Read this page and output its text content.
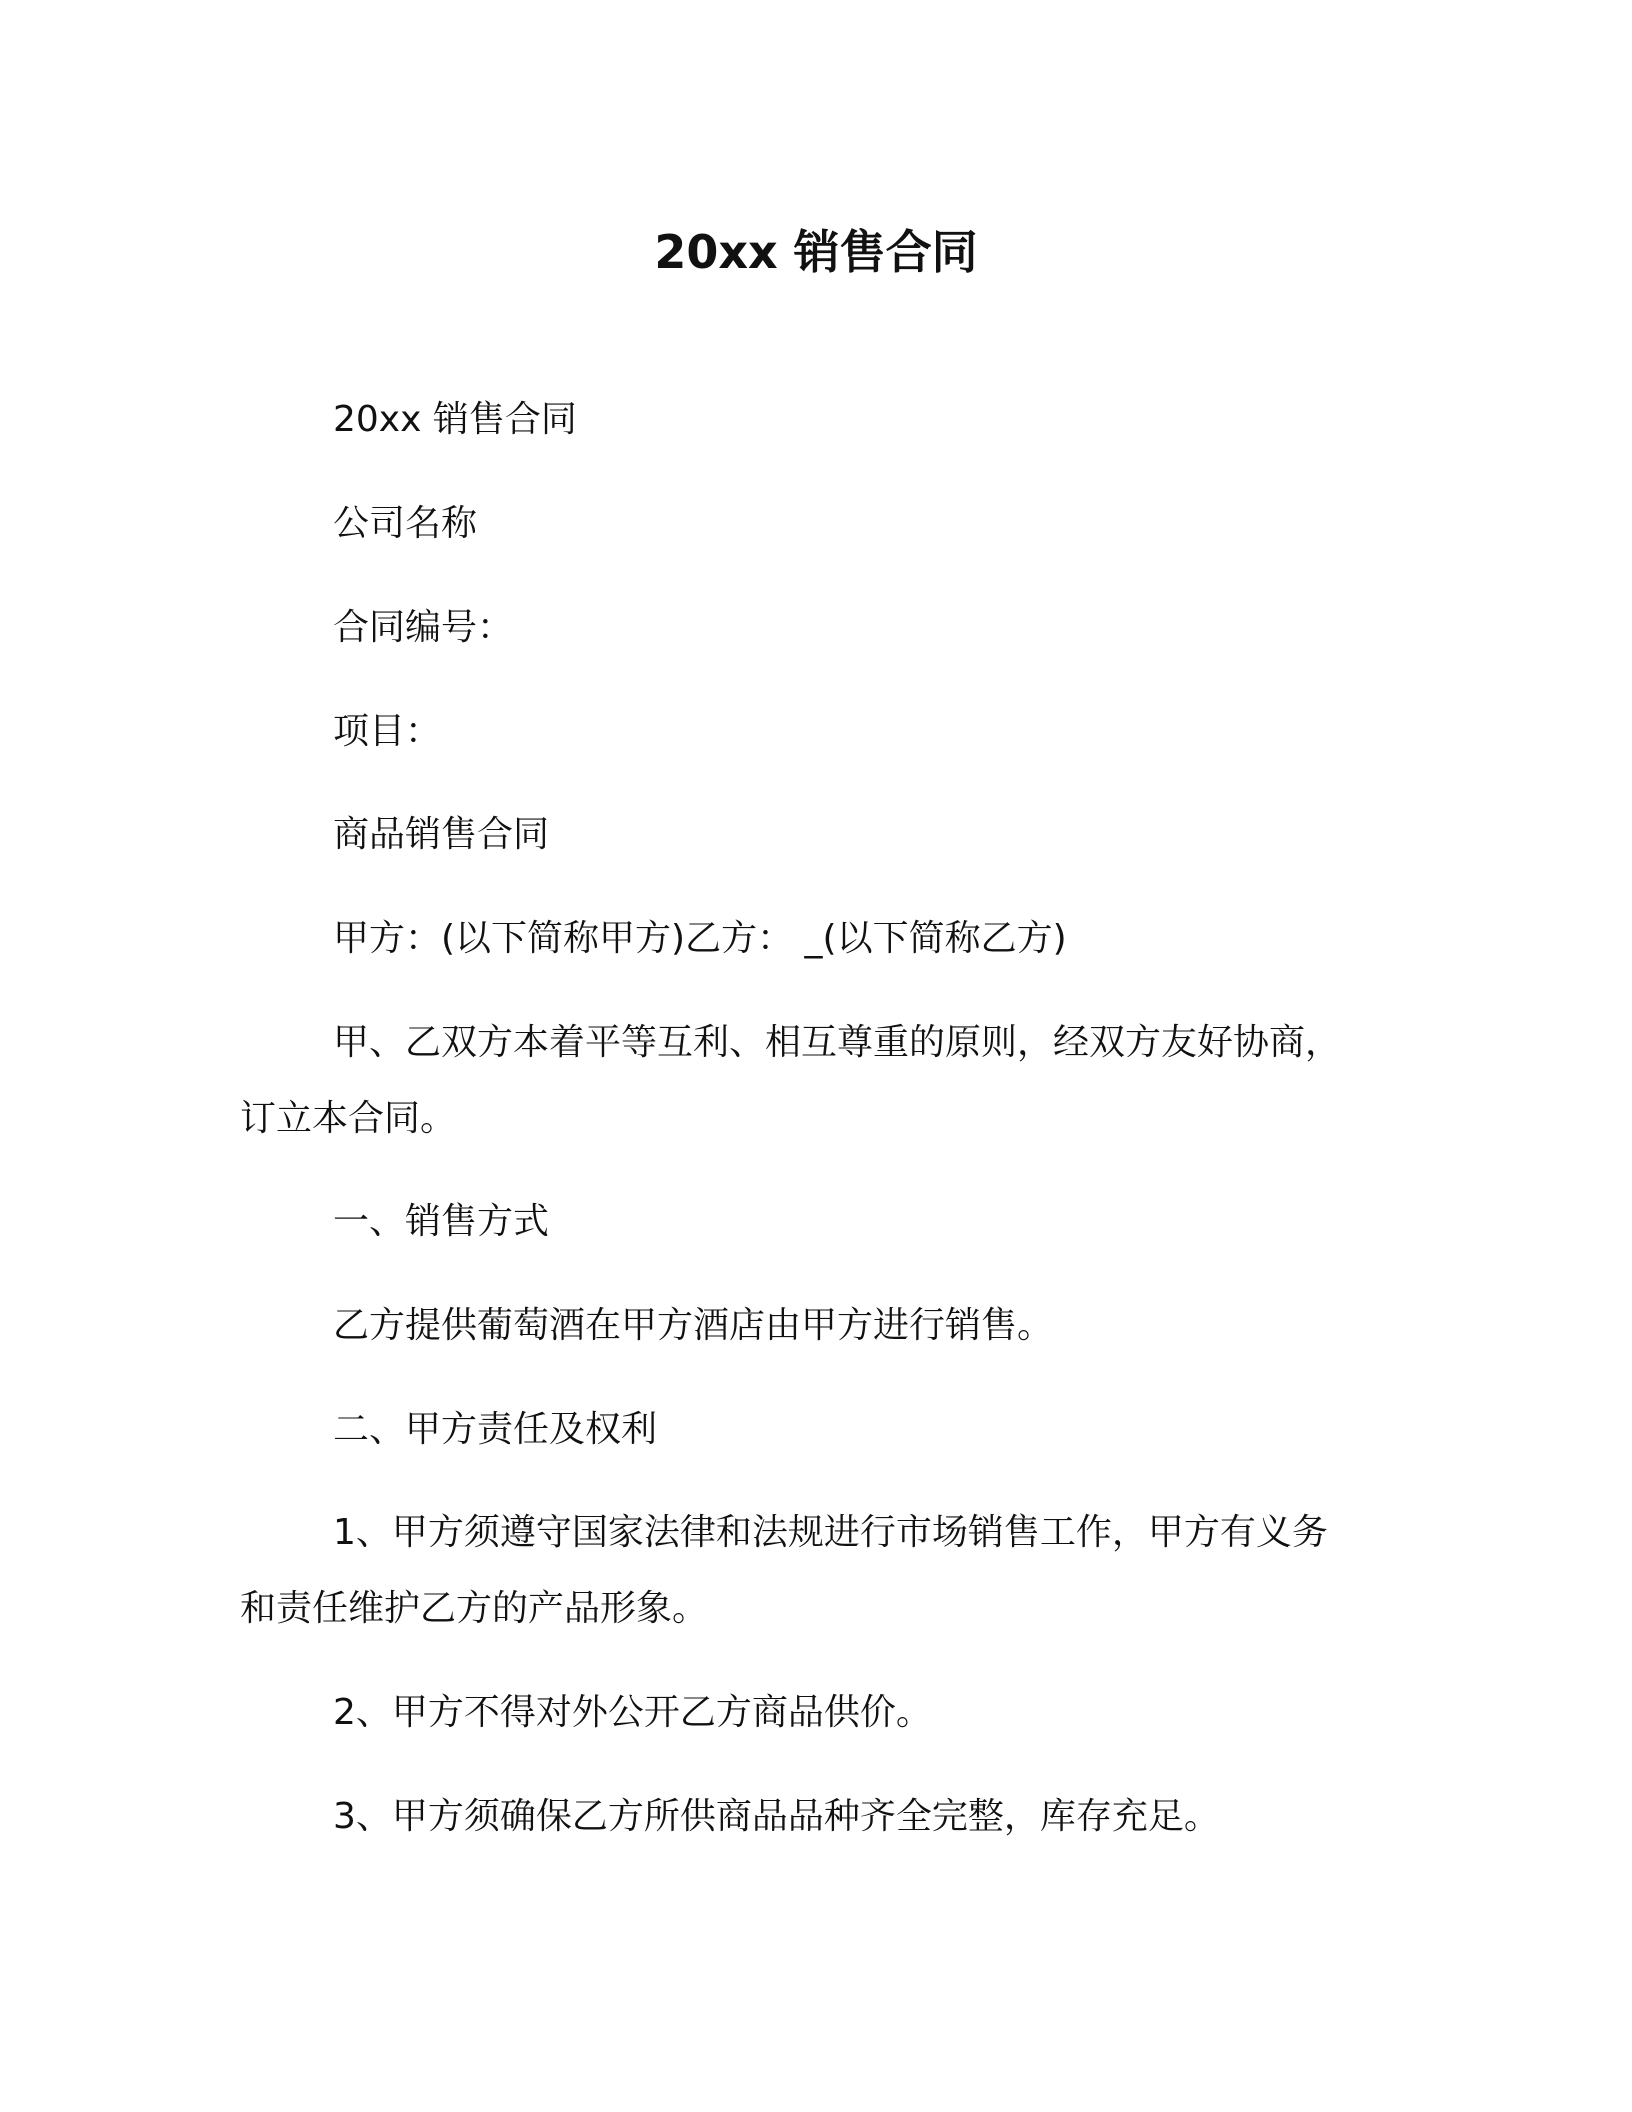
20xx 销售合同
20xx 销售合同
公司名称
合同编号：
项目：
商品销售合同
甲方：(以下简称甲方)乙方： _(以下简称乙方)
甲、乙双方本着平等互利、相互尊重的原则，经双方友好协商，
订立本合同。
一、销售方式
乙方提供葡萄酒在甲方酒店由甲方进行销售。
二、甲方责任及权利
1、甲方须遵守国家法律和法规进行市场销售工作，甲方有义务
和责任维护乙方的产品形象。
2、甲方不得对外公开乙方商品供价。
3、甲方须确保乙方所供商品品种齐全完整，库存充足。
